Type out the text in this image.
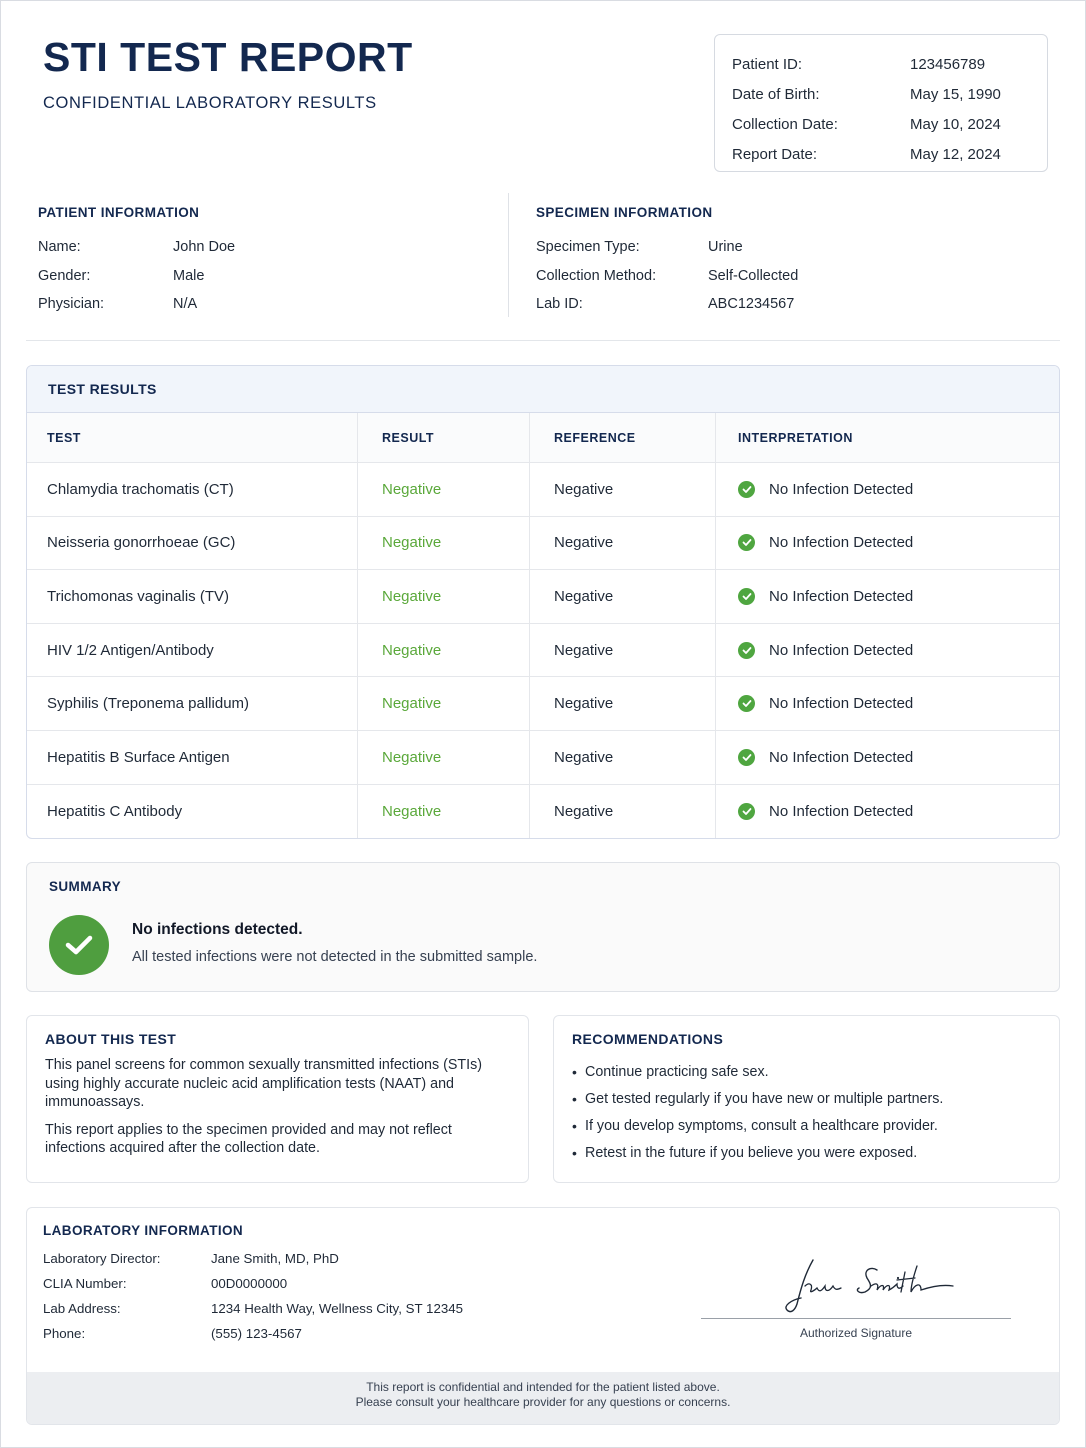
STI TEST REPORT
CONFIDENTIAL LABORATORY RESULTS
Patient ID:	123456789
Date of Birth:	May 15, 1990
Collection Date:	May 10, 2024
Report Date:	May 12, 2024
PATIENT INFORMATION
Name:	John Doe
Gender:	Male
Physician:	N/A
SPECIMEN INFORMATION
Specimen Type:	Urine
Collection Method:	Self-Collected
Lab ID:	ABC1234567
TEST RESULTS
TEST	RESULT	REFERENCE	INTERPRETATION
Chlamydia trachomatis (CT)	Negative	Negative	No Infection Detected
Neisseria gonorrhoeae (GC)	Negative	Negative	No Infection Detected
Trichomonas vaginalis (TV)	Negative	Negative	No Infection Detected
HIV 1/2 Antigen/Antibody	Negative	Negative	No Infection Detected
Syphilis (Treponema pallidum)	Negative	Negative	No Infection Detected
Hepatitis B Surface Antigen	Negative	Negative	No Infection Detected
Hepatitis C Antibody	Negative	Negative	No Infection Detected
SUMMARY
No infections detected.
All tested infections were not detected in the submitted sample.
ABOUT THIS TEST

This panel screens for common sexually transmitted infections (STIs) using highly accurate nucleic acid amplification tests (NAAT) and immunoassays.

This report applies to the specimen provided and may not reflect infections acquired after the collection date.

RECOMMENDATIONS
• Continue practicing safe sex.
• Get tested regularly if you have new or multiple partners.
• If you develop symptoms, consult a healthcare provider.
• Retest in the future if you believe you were exposed.
LABORATORY INFORMATION
Laboratory Director:	Jane Smith, MD, PhD
CLIA Number:	00D0000000
Lab Address:	1234 Health Way, Wellness City, ST 12345
Phone:	(555) 123-4567	Authorized Signature
This report is confidential and intended for the patient listed above.
Please consult your healthcare provider for any questions or concerns.
